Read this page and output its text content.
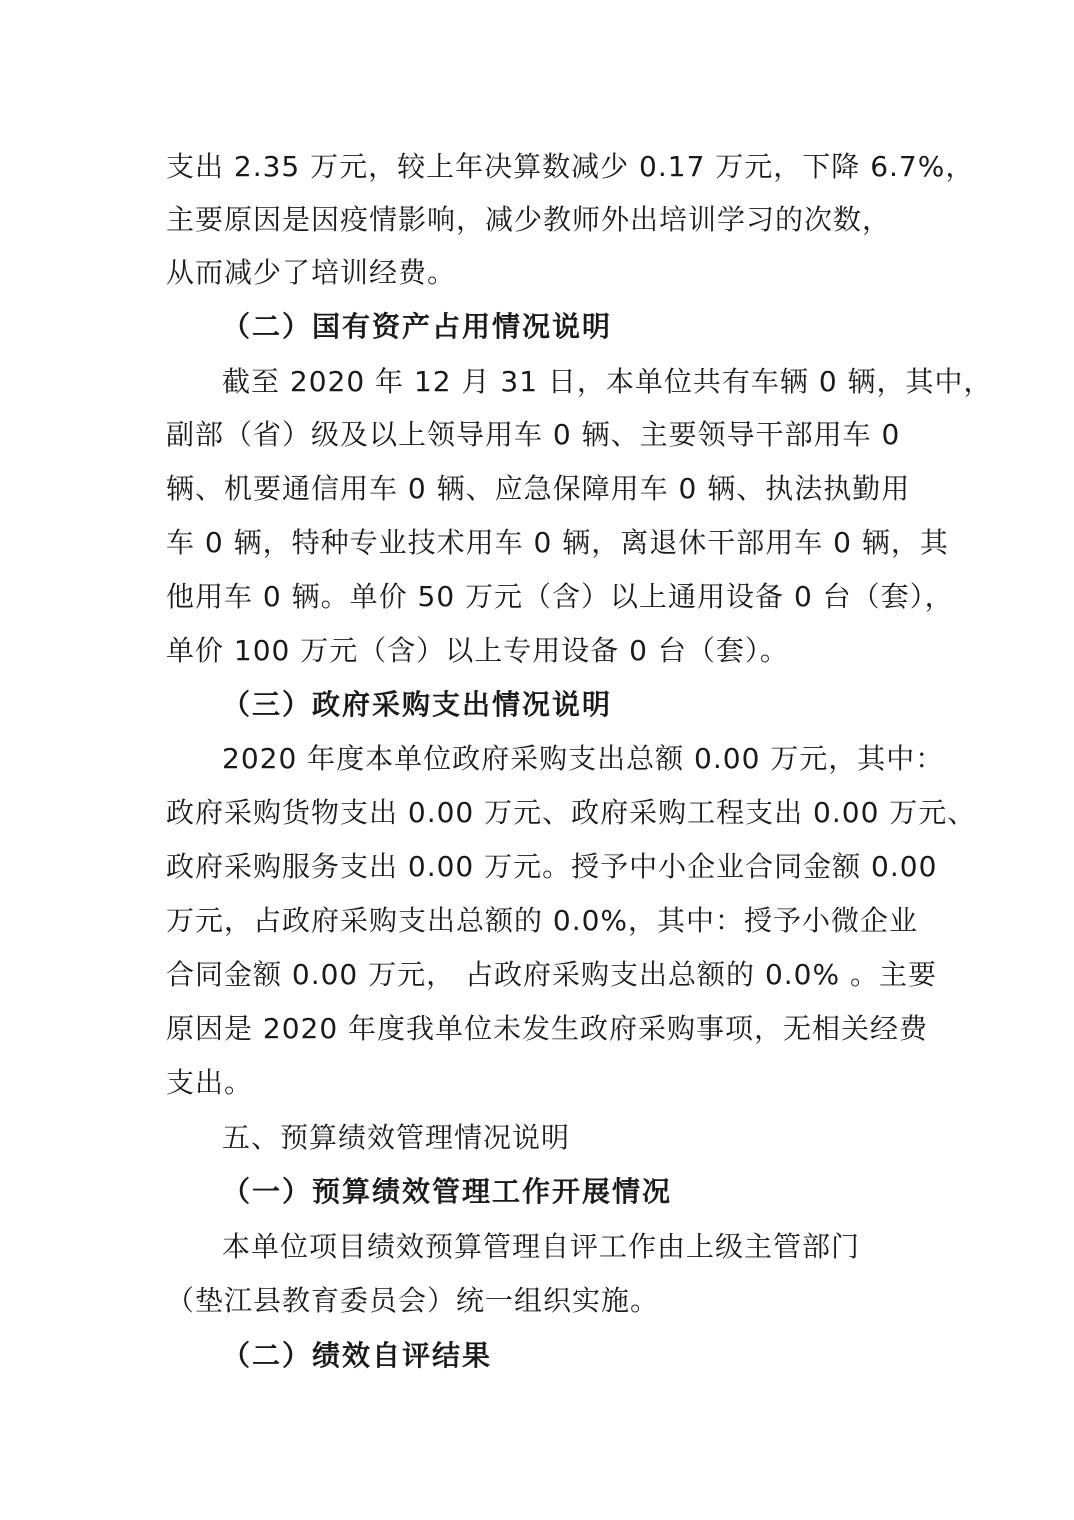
支出 2.35 万元，较上年决算数减少 0.17 万元，下降 6.7%，
主要原因是因疫情影响，减少教师外出培训学习的次数，
从而减少了培训经费。
（二）国有资产占用情况说明
截至 2020 年 12 月 31 日，本单位共有车辆 0 辆，其中，
副部（省）级及以上领导用车 0 辆、主要领导干部用车 0
辆、机要通信用车 0 辆、应急保障用车 0 辆、执法执勤用
车 0 辆，特种专业技术用车 0 辆，离退休干部用车 0 辆，其
他用车 0 辆。单价 50 万元（含）以上通用设备 0 台（套），
单价 100 万元（含）以上专用设备 0 台（套）。
（三）政府采购支出情况说明
2020 年度本单位政府采购支出总额 0.00 万元，其中：
政府采购货物支出 0.00 万元、政府采购工程支出 0.00 万元、
政府采购服务支出 0.00 万元。授予中小企业合同金额 0.00
万元，占政府采购支出总额的 0.0%，其中：授予小微企业
合同金额 0.00 万元， 占政府采购支出总额的 0.0% 。主要
原因是 2020 年度我单位未发生政府采购事项，无相关经费
支出。
五、预算绩效管理情况说明
（一）预算绩效管理工作开展情况
本单位项目绩效预算管理自评工作由上级主管部门
（垫江县教育委员会）统一组织实施。
（二）绩效自评结果
